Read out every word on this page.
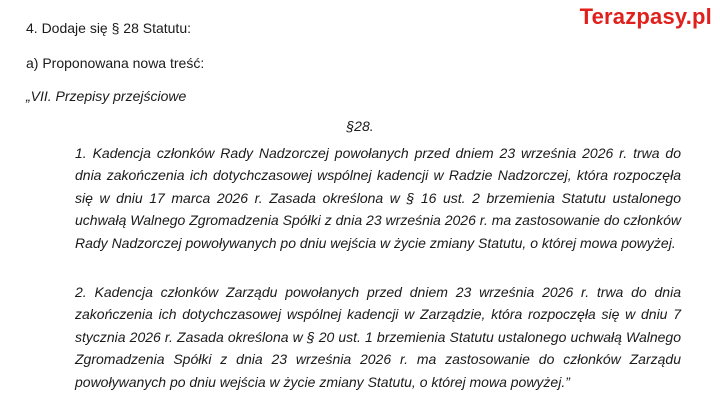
Terazpasy.pl
4. Dodaje się § 28 Statutu:
a) Proponowana nowa treść:
„VII. Przepisy przejściowe
§28.

1. Kadencja członków Rady Nadzorczej powołanych przed dniem 23 września 2026 r. trwa do dnia zakończenia ich dotychczasowej wspólnej kadencji w Radzie Nadzorczej, która rozpoczęła się w dniu 17 marca 2026 r. Zasada określona w § 16 ust. 2 brzemienia Statutu ustalonego uchwałą Walnego Zgromadzenia Spółki z dnia 23 września 2026 r. ma zastosowanie do członków Rady Nadzorczej powoływanych po dniu wejścia w życie zmiany Statutu, o której mowa powyżej.

2. Kadencja członków Zarządu powołanych przed dniem 23 września 2026 r. trwa do dnia zakończenia ich dotychczasowej wspólnej kadencji w Zarządzie, która rozpoczęła się w dniu 7 stycznia 2026 r. Zasada określona w § 20 ust. 1 brzemienia Statutu ustalonego uchwałą Walnego Zgromadzenia Spółki z dnia 23 września 2026 r. ma zastosowanie do członków Zarządu powoływanych po dniu wejścia w życie zmiany Statutu, o której mowa powyżej.”
